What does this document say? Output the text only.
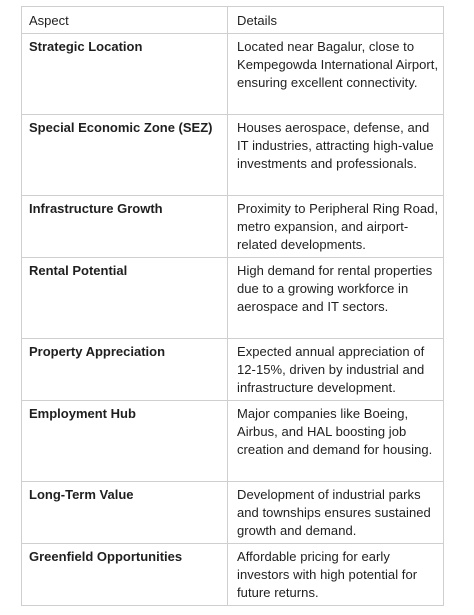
Aspect	Details
Strategic Location	Located near Bagalur, close to Kempegowda International Airport, ensuring excellent connectivity.
Special Economic Zone (SEZ)	Houses aerospace, defense, and IT industries, attracting high-value investments and professionals.
Infrastructure Growth	Proximity to Peripheral Ring Road, metro expansion, and airport-related developments.
Rental Potential	High demand for rental properties due to a growing workforce in aerospace and IT sectors.
Property Appreciation	Expected annual appreciation of 12-15%, driven by industrial and infrastructure development.
Employment Hub	Major companies like Boeing, Airbus, and HAL boosting job creation and demand for housing.
Long-Term Value	Development of industrial parks and townships ensures sustained growth and demand.
Greenfield Opportunities	Affordable pricing for early investors with high potential for future returns.
